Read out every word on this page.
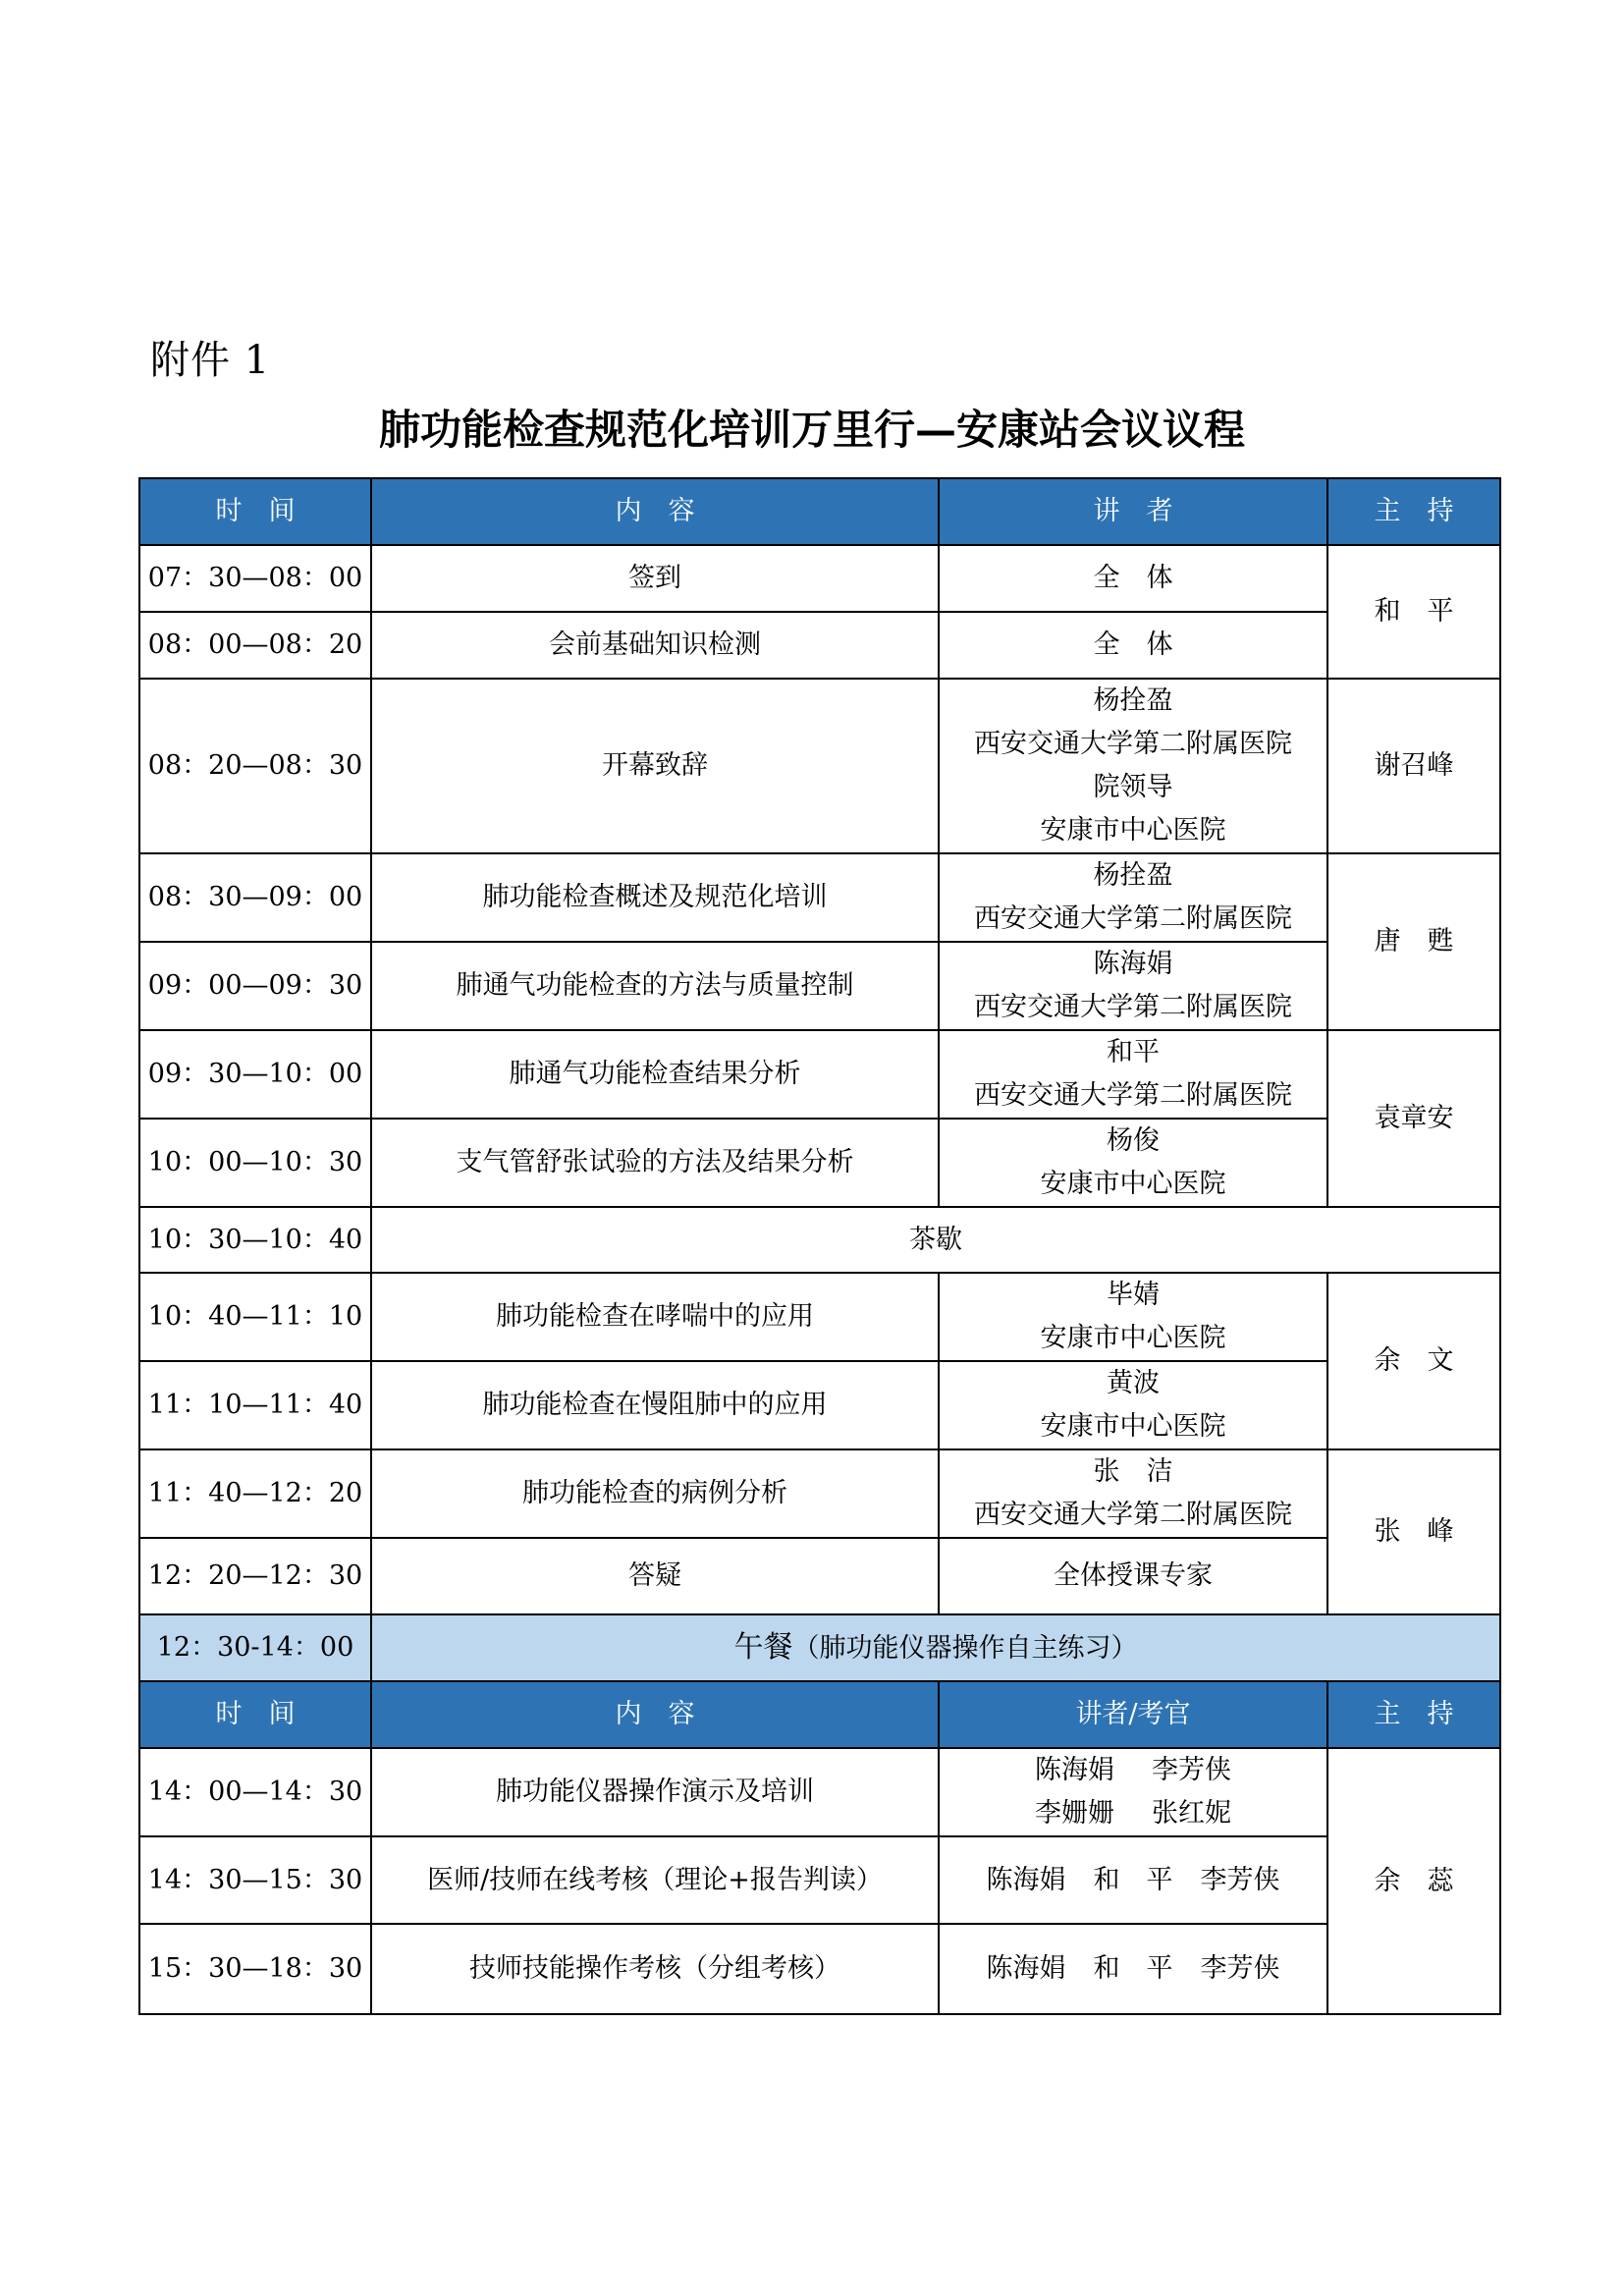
附件 1
肺功能检查规范化培训万里行—安康站会议议程
时　间	内　容	讲　者	主　持
07：30—08：00	签到	全　体	和　平
08：00—08：20	会前基础知识检测	全　体	

08：20—08：30	开幕致辞	杨拴盈
西安交通大学第二附属医院
院领导
安康市中心医院	谢召峰
08：30—09：00	肺功能检查概述及规范化培训	杨拴盈
西安交通大学第二附属医院	唐　甦
09：00—09：30	肺通气功能检查的方法与质量控制	陈海娟
西安交通大学第二附属医院	

09：30—10：00	肺通气功能检查结果分析	和平
西安交通大学第二附属医院	袁章安
10：00—10：30	支气管舒张试验的方法及结果分析	杨俊
安康市中心医院	

10：30—10：40	茶歇		
10：40—11：10	肺功能检查在哮喘中的应用	毕婧
安康市中心医院	余　文
11：10—11：40	肺功能检查在慢阻肺中的应用	黄波
安康市中心医院	

11：40—12：20	肺功能检查的病例分析	张　洁
西安交通大学第二附属医院	张　峰
12：20—12：30	答疑	全体授课专家	

12：30-14：00	午餐（肺功能仪器操作自主练习）		
时　间	内　容	讲者/考官	主　持
14：00—14：30	肺功能仪器操作演示及培训	陈海娟 李芳侠
李姗姗 张红妮	余　蕊
14：30—15：30	医师/技师在线考核（理论+报告判读）	陈海娟 和　平 李芳侠	
15：30—18：30	技师技能操作考核（分组考核）	陈海娟 和　平 李芳侠	
